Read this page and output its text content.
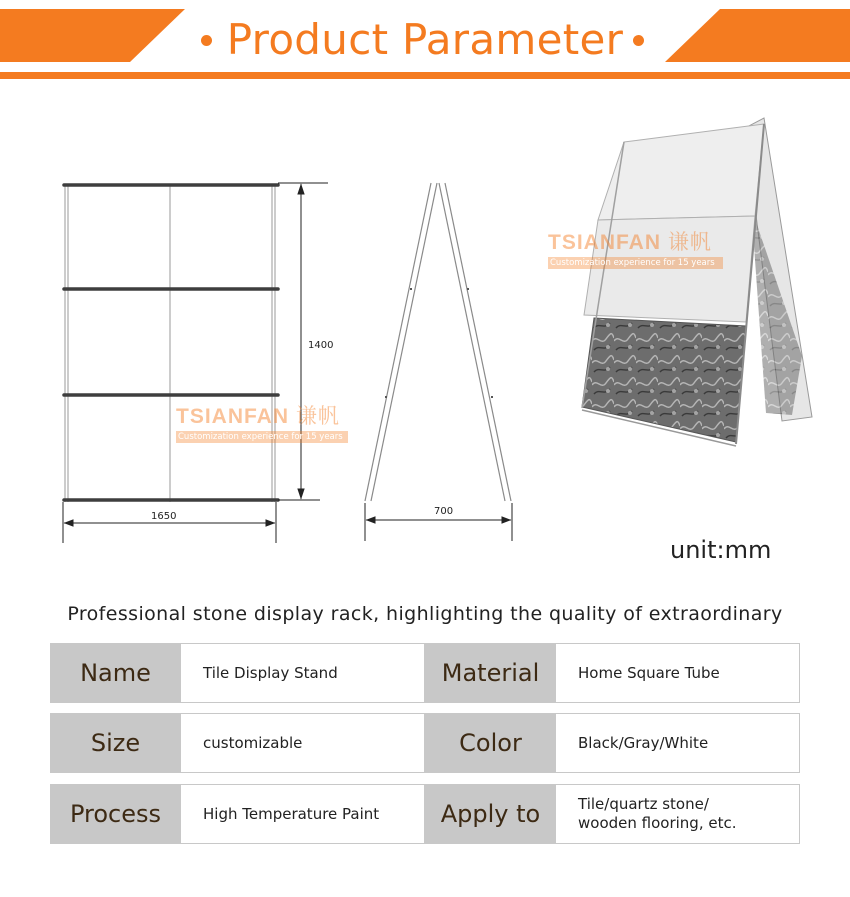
Product Parameter
1400
1650
TSIANFAN 谦帆
Customization experience for 15 years
700
TSIANFAN 谦帆
Customization experience for 15 years
unit:mm
Professional stone display rack, highlighting the quality of extraordinary
Name	Tile Display Stand	Material	Home Square Tube
Size	customizable	Color	Black/Gray/White
Process	High Temperature Paint	Apply to	Tile/quartz stone/
wooden flooring, etc.
